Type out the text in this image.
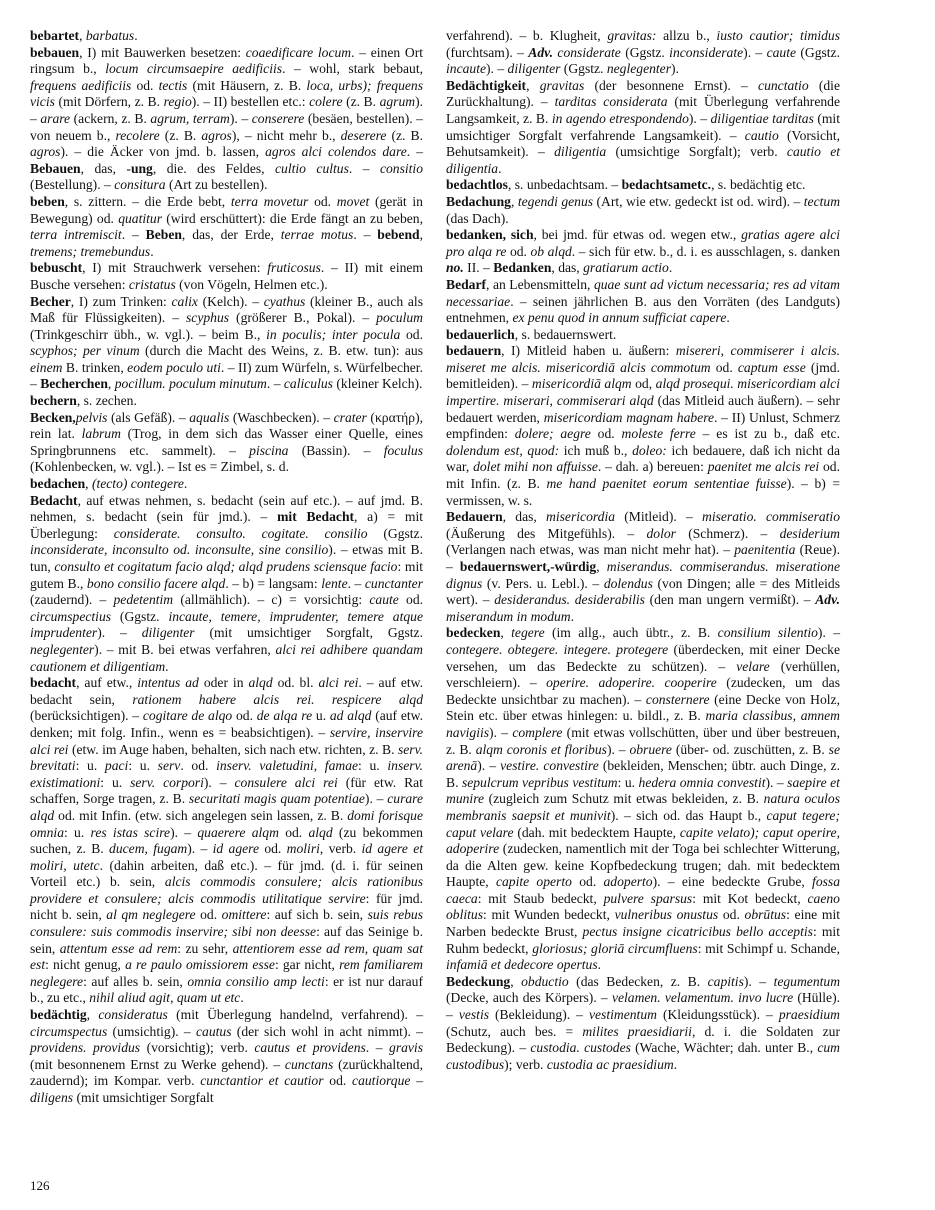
bebartet, barbatus.

bebauen, I) mit Bauwerken besetzen: coaedificare locum. – einen Ort ringsum b., locum circumsaepire aedificiis. – wohl, stark bebaut, frequens aedificiis od. tectis (mit Häusern, z. B. loca, urbs); frequens vicis (mit Dörfern, z. B. regio). – II) bestellen etc.: colere (z. B. agrum). – arare (ackern, z. B. agrum, terram). – conserere (besäen, bestellen). – von neuem b., recolere (z. B. agros), – nicht mehr b., deserere (z. B. agros). – die Äcker von jmd. b. lassen, agros alci colendos dare. – Bebauen, das, -ung, die. des Feldes, cultio cultus. – consitio (Bestellung). – consitura (Art zu bestellen).

beben, s. zittern. – die Erde bebt, terra movetur od. movet (gerät in Bewegung) od. quatitur (wird erschüttert): die Erde fängt an zu beben, terra intremiscit. – Beben, das, der Erde, terrae motus. – bebend, tremens; tremebundus.

bebuscht, I) mit Strauchwerk versehen: fruticosus. – II) mit einem Busche versehen: cristatus (von Vögeln, Helmen etc.).

Becher, I) zum Trinken: calix (Kelch). – cyathus (kleiner B., auch als Maß für Flüssigkeiten). – scyphus (größerer B., Pokal). – poculum (Trinkgeschirr übh., w. vgl.). – beim B., in poculis; inter pocula od. scyphos; per vinum (durch die Macht des Weins, z. B. etw. tun): aus einem B. trinken, eodem poculo uti. – II) zum Würfeln, s. Würfelbecher. – Becherchen, pocillum. poculum minutum. – caliculus (kleiner Kelch).

bechern, s. zechen.

Becken,pelvis (als Gefäß). – aqualis (Waschbecken). – crater (κρατήρ), rein lat. labrum (Trog, in dem sich das Wasser einer Quelle, eines Springbrunnens etc. sammelt). – piscina (Bassin). – foculus (Kohlenbecken, w. vgl.). – Ist es = Zimbel, s. d.

bedachen, (tecto) contegere.

Bedacht, auf etwas nehmen, s. bedacht (sein auf etc.). – auf jmd. B. nehmen, s. bedacht (sein für jmd.). – mit Bedacht, a) = mit Überlegung: considerate. consulto. cogitate. consilio (Ggstz. inconsiderate, inconsulto od. inconsulte, sine consilio). – etwas mit B. tun, consulto et cogitatum facio alqd; alqd prudens sciensque facio: mit gutem B., bono consilio facere alqd. – b) = langsam: lente. – cunctanter (zaudernd). – pedetentim (allmählich). – c) = vorsichtig: caute od. circumspectius (Ggstz. incaute, temere, imprudenter, temere atque imprudenter). – diligenter (mit umsichtiger Sorgfalt, Ggstz. neglegenter). – mit B. bei etwas verfahren, alci rei adhibere quandam cautionem et diligentiam.

bedacht, auf etw., intentus ad oder in alqd od. bl. alci rei. – auf etw. bedacht sein, rationem habere alcis rei. respicere alqd (berücksichtigen). – cogitare de alqo od. de alqa re u. ad alqd (auf etw. denken; mit folg. Infin., wenn es = beabsichtigen). – servire, inservire alci rei (etw. im Auge haben, behalten, sich nach etw. richten, z. B. serv. brevitati: u. paci: u. serv. od. inserv. valetudini, famae: u. inserv. existimationi: u. serv. corpori). – consulere alci rei (für etw. Rat schaffen, Sorge tragen, z. B. securitati magis quam potentiae). – curare alqd od. mit Infin. (etw. sich angelegen sein lassen, z. B. domi forisque omnia: u. res istas scire). – quaerere alqm od. alqd (zu bekommen suchen, z. B. ducem, fugam). – id agere od. moliri, verb. id agere et moliri, utetc. (dahin arbeiten, daß etc.). – für jmd. (d. i. für seinen Vorteil etc.) b. sein, alcis commodis consulere; alcis rationibus providere et consulere; alcis commodis utilitatique servire: für jmd. nicht b. sein, al qm neglegere od. omittere: auf sich b. sein, suis rebus consulere: suis commodis inservire; sibi non deesse: auf das Seinige b. sein, attentum esse ad rem: zu sehr, attentiorem esse ad rem, quam sat est: nicht genug, a re paulo omissiorem esse: gar nicht, rem familiarem neglegere: auf alles b. sein, omnia consilio amp lecti: er ist nur darauf b., zu etc., nihil aliud agit, quam ut etc.

bedächtig, consideratus (mit Überlegung handelnd, verfahrend). – circumspectus (umsichtig). – cautus (der sich wohl in acht nimmt). – providens. providus (vorsichtig); verb. cautus et providens. – gravis (mit besonnenem Ernst zu Werke gehend). – cunctans (zurückhaltend, zaudernd); im Kompar. verb. cunctantior et cautior od. cautiorque – diligens (mit umsichtiger Sorgfalt

verfahrend). – b. Klugheit, gravitas: allzu b., iusto cautior; timidus (furchtsam). – Adv. considerate (Ggstz. inconsiderate). – caute (Ggstz. incaute). – diligenter (Ggstz. neglegenter).

Bedächtigkeit, gravitas (der besonnene Ernst). – cunctatio (die Zurückhaltung). – tarditas considerata (mit Überlegung verfahrende Langsamkeit, z. B. in agendo etrespondendo). – diligentiae tarditas (mit umsichtiger Sorgfalt verfahrende Langsamkeit). – cautio (Vorsicht, Behutsamkeit). – diligentia (umsichtige Sorgfalt); verb. cautio et diligentia.

bedachtlos, s. unbedachtsam. – bedachtsametc., s. bedächtig etc.

Bedachung, tegendi genus (Art, wie etw. gedeckt ist od. wird). – tectum (das Dach).

bedanken, sich, bei jmd. für etwas od. wegen etw., gratias agere alci pro alqa re od. ob alqd. – sich für etw. b., d. i. es ausschlagen, s. danken no. II. – Bedanken, das, gratiarum actio.

Bedarf, an Lebensmitteln, quae sunt ad victum necessaria; res ad vitam necessariae. – seinen jährlichen B. aus den Vorräten (des Landguts) entnehmen, ex penu quod in annum sufficiat capere.

bedauerlich, s. bedauernswert.

bedauern, I) Mitleid haben u. äußern: misereri, commiserer i alcis. miseret me alcis. misericordiā alcis commotum od. captum esse (jmd. bemitleiden). – misericordiā alqm od, alqd prosequi. misericordiam alci impertire. miserari, commiserari alqd (das Mitleid auch äußern). – sehr bedauert werden, misericordiam magnam habere. – II) Unlust, Schmerz empfinden: dolere; aegre od. moleste ferre – es ist zu b., daß etc. dolendum est, quod: ich muß b., doleo: ich bedauere, daß ich nicht da war, dolet mihi non affuisse. – dah. a) bereuen: paenitet me alcis rei od. mit Infin. (z. B. me hand paenitet eorum sententiae fuisse). – b) = vermissen, w. s.

Bedauern, das, misericordia (Mitleid). – miseratio. commiseratio (Äußerung des Mitgefühls). – dolor (Schmerz). – desiderium (Verlangen nach etwas, was man nicht mehr hat). – paenitentia (Reue). – bedauernswert,-würdig, miserandus. commiserandus. miseratione dignus (v. Pers. u. Lebl.). – dolendus (von Dingen; alle = des Mitleids wert). – desiderandus. desiderabilis (den man ungern vermißt). – Adv. miserandum in modum.

bedecken, tegere (im allg., auch übtr., z. B. consilium silentio). – contegere. obtegere. integere. protegere (überdecken, mit einer Decke versehen, um das Bedeckte zu schützen). – velare (verhüllen, verschleiern). – operire. adoperire. cooperire (zudecken, um das Bedeckte unsichtbar zu machen). – consternere (eine Decke von Holz, Stein etc. über etwas hinlegen: u. bildl., z. B. maria classibus, amnem navigiis). – complere (mit etwas vollschütten, über und über bestreuen, z. B. alqm coronis et floribus). – obruere (über- od. zuschütten, z. B. se arenā). – vestire. convestire (bekleiden, Menschen; übtr. auch Dinge, z. B. sepulcrum vepribus vestitum: u. hedera omnia convestit). – saepire et munire (zugleich zum Schutz mit etwas bekleiden, z. B. natura oculos membranis saepsit et munivit). – sich od. das Haupt b., caput tegere; caput velare (dah. mit bedecktem Haupte, capite velato); caput operire, adoperire (zudecken, namentlich mit der Toga bei schlechter Witterung, da die Alten gew. keine Kopfbedeckung trugen; dah. mit bedecktem Haupte, capite operto od. adoperto). – eine bedeckte Grube, fossa caeca: mit Staub bedeckt, pulvere sparsus: mit Kot bedeckt, caeno oblitus: mit Wunden bedeckt, vulneribus onustus od. obrūtus: eine mit Narben bedeckte Brust, pectus insigne cicatricibus bello acceptis: mit Ruhm bedeckt, gloriosus; gloriā circumfluens: mit Schimpf u. Schande, infamiā et dedecore opertus.

Bedeckung, obductio (das Bedecken, z. B. capitis). – tegumentum (Decke, auch des Körpers). – velamen. velamentum. invo lucre (Hülle). – vestis (Bekleidung). – vestimentum (Kleidungsstück). – praesidium (Schutz, auch bes. = milites praesidiarii, d. i. die Soldaten zur Bedeckung). – custodia. custodes (Wache, Wächter; dah. unter B., cum custodibus); verb. custodia ac praesidium.

126
